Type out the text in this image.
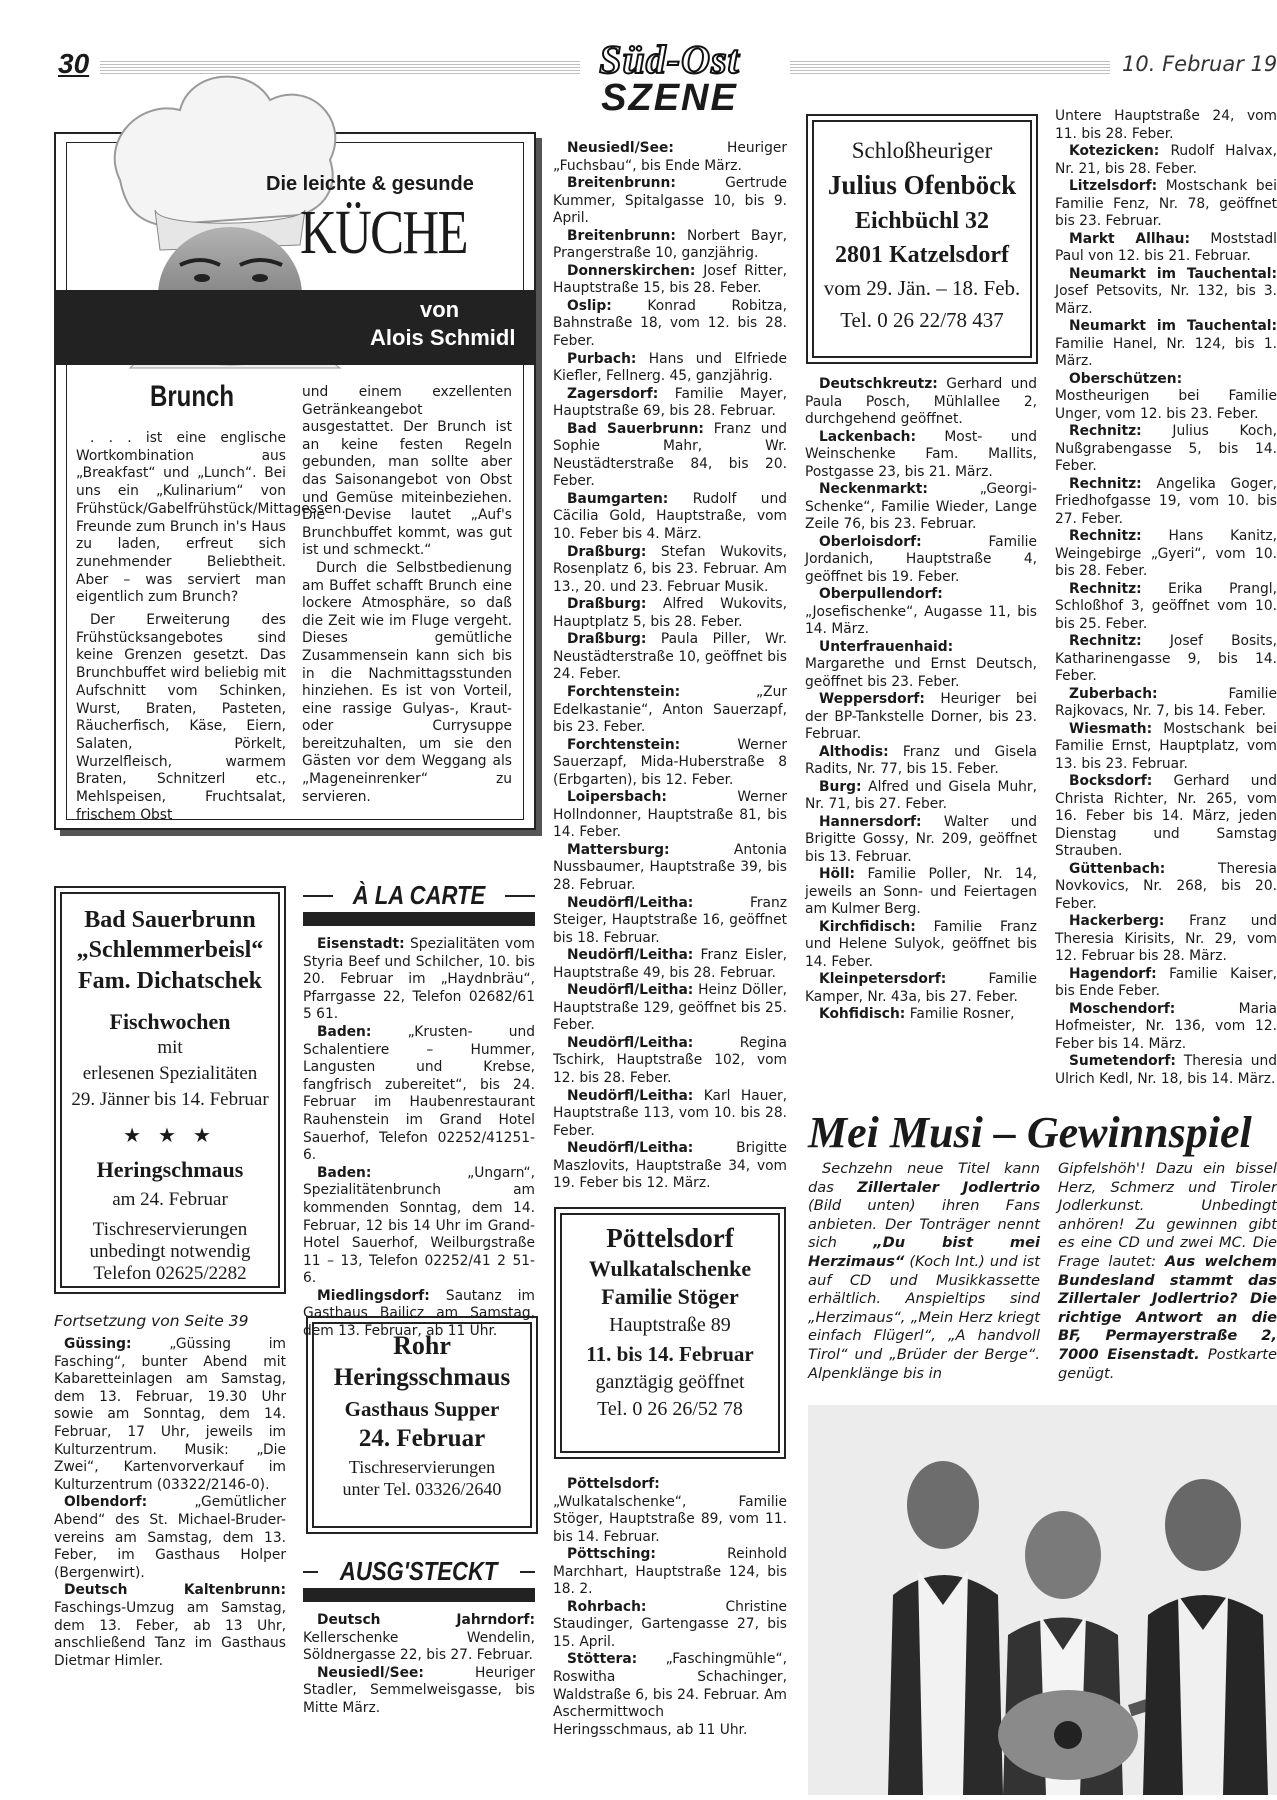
30	Süd-Ost
SZENE
10. Februar 19
Die leichte & gesunde
KÜCHE
von
Alois Schmidl
Brunch

. . . ist eine englische Wortkombination aus „Breakfast“ und „Lunch“. Bei uns ein „Kulinarium“ von Frühstück/Gabelfrühstück/Mittagessen. Freunde zum Brunch in's Haus zu laden, erfreut sich zunehmender Beliebtheit. Aber – was serviert man eigentlich zum Brunch?

Der Erweiterung des Frühstücksangebotes sind keine Grenzen gesetzt. Das Brunchbuffet wird beliebig mit Aufschnitt vom Schinken, Wurst, Braten, Pasteten, Räucherfisch, Käse, Eiern, Salaten, Pörkelt, Wurzelfleisch, warmem Braten, Schnitzerl etc., Mehlspeisen, Fruchtsalat, frischem Obst

und einem exzellenten Getränkeangebot ausgestattet. Der Brunch ist an keine festen Regeln gebunden, man sollte aber das Saisonangebot von Obst und Gemüse miteinbeziehen. Die Devise lautet „Auf's Brunchbuffet kommt, was gut ist und schmeckt.“

Durch die Selbstbedienung am Buffet schafft Brunch eine lockere Atmosphäre, so daß die Zeit wie im Fluge vergeht. Dieses gemütliche Zusammensein kann sich bis in die Nachmittagsstunden hinziehen. Es ist von Vorteil, eine rassige Gulyas-, Kraut- oder Currysuppe bereitzuhalten, um sie den Gästen vor dem Weggang als „Mageneinrenker“ zu servieren.

Bad Sauerbrunn
„Schlemmerbeisl“
Fam. Dichatschek
Fischwochen
mit
erlesenen Spezialitäten
29. Jänner bis 14. Februar
★ ★ ★
Heringschmaus
am 24. Februar
Tischreservierungen
unbedingt notwendig
Telefon 02625/2282
Fortsetzung von Seite 39

Güssing: „Güssing im Fasching“, bunter Abend mit Kabaretteinlagen am Samstag, dem 13. Februar, 19.30 Uhr sowie am Sonntag, dem 14. Februar, 17 Uhr, jeweils im Kulturzentrum. Musik: „Die Zwei“, Kartenvorverkauf im Kulturzentrum (03322/2146-0).

Olbendorf: „Gemütlicher Abend“ des St. Michael-Bruder-vereins am Samstag, dem 13. Feber, im Gasthaus Holper (Bergenwirt).

Deutsch Kaltenbrunn: Faschings-Umzug am Samstag, dem 13. Feber, ab 13 Uhr, anschließend Tanz im Gasthaus Dietmar Himler.

À LA CARTE

Eisenstadt: Spezialitäten vom Styria Beef und Schilcher, 10. bis 20. Februar im „Haydnbräu“, Pfarrgasse 22, Telefon 02682/61 5 61.

Baden: „Krusten- und Schalentiere – Hummer, Langusten und Krebse, fangfrisch zubereitet“, bis 24. Februar im Haubenrestaurant Rauhenstein im Grand Hotel Sauerhof, Telefon 02252/41251-6.

Baden: „Ungarn“, Spezialitätenbrunch am kommenden Sonntag, dem 14. Februar, 12 bis 14 Uhr im Grand-Hotel Sauerhof, Weilburgstraße 11 – 13, Telefon 02252/41 2 51-6.

Miedlingsdorf: Sautanz im Gasthaus Bailicz am Samstag, dem 13. Februar, ab 11 Uhr.

Rohr
Heringsschmaus
Gasthaus Supper
24. Februar
Tischreservierungen
unter Tel. 03326/2640
AUSG'STECKT

Deutsch Jahrndorf: Kellerschenke Wendelin, Söldnergasse 22, bis 27. Februar.

Neusiedl/See: Heuriger Stadler, Semmelweisgasse, bis Mitte März.

Neusiedl/See: Heuriger „Fuchsbau“, bis Ende März.

Breitenbrunn: Gertrude Kummer, Spitalgasse 10, bis 9. April.

Breitenbrunn: Norbert Bayr, Prangerstraße 10, ganzjährig.

Donnerskirchen: Josef Ritter, Hauptstraße 15, bis 28. Feber.

Oslip: Konrad Robitza, Bahnstraße 18, vom 12. bis 28. Feber.

Purbach: Hans und Elfriede Kiefler, Fellnerg. 45, ganzjährig.

Zagersdorf: Familie Mayer, Hauptstraße 69, bis 28. Februar.

Bad Sauerbrunn: Franz und Sophie Mahr, Wr. Neustädterstraße 84, bis 20. Feber.

Baumgarten: Rudolf und Cäcilia Gold, Hauptstraße, vom 10. Feber bis 4. März.

Draßburg: Stefan Wukovits, Rosenplatz 6, bis 23. Februar. Am 13., 20. und 23. Februar Musik.

Draßburg: Alfred Wukovits, Hauptplatz 5, bis 28. Feber.

Draßburg: Paula Piller, Wr. Neustädterstraße 10, geöffnet bis 24. Feber.

Forchtenstein: „Zur Edelkastanie“, Anton Sauerzapf, bis 23. Feber.

Forchtenstein: Werner Sauerzapf, Mida-Huberstraße 8 (Erbgarten), bis 12. Feber.

Loipersbach: Werner Hollndonner, Hauptstraße 81, bis 14. Feber.

Mattersburg: Antonia Nussbaumer, Hauptstraße 39, bis 28. Februar.

Neudörfl/Leitha: Franz Steiger, Hauptstraße 16, geöffnet bis 18. Februar.

Neudörfl/Leitha: Franz Eisler, Hauptstraße 49, bis 28. Februar.

Neudörfl/Leitha: Heinz Döller, Hauptstraße 129, geöffnet bis 25. Feber.

Neudörfl/Leitha: Regina Tschirk, Hauptstraße 102, vom 12. bis 28. Feber.

Neudörfl/Leitha: Karl Hauer, Hauptstraße 113, vom 10. bis 28. Feber.

Neudörfl/Leitha: Brigitte Maszlovits, Hauptstraße 34, vom 19. Feber bis 12. März.

Pöttelsdorf
Wulkatalschenke
Familie Stöger
Hauptstraße 89
11. bis 14. Februar
ganztägig geöffnet
Tel. 0 26 26/52 78

Pöttelsdorf: „Wulkatalschenke“, Familie Stöger, Hauptstraße 89, vom 11. bis 14. Februar.

Pöttsching: Reinhold Marchhart, Hauptstraße 124, bis 18. 2.

Rohrbach: Christine Staudinger, Gartengasse 27, bis 15. April.

Stöttera: „Faschingmühle“, Roswitha Schachinger, Waldstraße 6, bis 24. Februar. Am Aschermittwoch Heringsschmaus, ab 11 Uhr.

Schloßheuriger
Julius Ofenböck
Eichbüchl 32
2801 Katzelsdorf
vom 29. Jän. – 18. Feb.
Tel. 0 26 22/78 437

Deutschkreutz: Gerhard und Paula Posch, Mühlallee 2, durchgehend geöffnet.

Lackenbach: Most- und Weinschenke Fam. Mallits, Postgasse 23, bis 21. März.

Neckenmarkt: „Georgi-Schenke“, Familie Wieder, Lange Zeile 76, bis 23. Februar.

Oberloisdorf: Familie Jordanich, Hauptstraße 4, geöffnet bis 19. Feber.

Oberpullendorf: „Josefischenke“, Augasse 11, bis 14. März.

Unterfrauenhaid: Margarethe und Ernst Deutsch, geöffnet bis 23. Feber.

Weppersdorf: Heuriger bei der BP-Tankstelle Dorner, bis 23. Februar.

Althodis: Franz und Gisela Radits, Nr. 77, bis 15. Feber.

Burg: Alfred und Gisela Muhr, Nr. 71, bis 27. Feber.

Hannersdorf: Walter und Brigitte Gossy, Nr. 209, geöffnet bis 13. Februar.

Höll: Familie Poller, Nr. 14, jeweils an Sonn- und Feiertagen am Kulmer Berg.

Kirchfidisch: Familie Franz und Helene Sulyok, geöffnet bis 14. Feber.

Kleinpetersdorf: Familie Kamper, Nr. 43a, bis 27. Feber.

Kohfidisch: Familie Rosner,

Untere Hauptstraße 24, vom 11. bis 28. Feber.

Kotezicken: Rudolf Halvax, Nr. 21, bis 28. Feber.

Litzelsdorf: Mostschank bei Familie Fenz, Nr. 78, geöffnet bis 23. Februar.

Markt Allhau: Moststadl Paul von 12. bis 21. Februar.

Neumarkt im Tauchental: Josef Petsovits, Nr. 132, bis 3. März.

Neumarkt im Tauchental: Familie Hanel, Nr. 124, bis 1. März.

Oberschützen: Mostheurigen bei Familie Unger, vom 12. bis 23. Feber.

Rechnitz: Julius Koch, Nußgrabengasse 5, bis 14. Feber.

Rechnitz: Angelika Goger, Friedhofgasse 19, vom 10. bis 27. Feber.

Rechnitz: Hans Kanitz, Weingebirge „Gyeri“, vom 10. bis 28. Feber.

Rechnitz: Erika Prangl, Schloßhof 3, geöffnet vom 10. bis 25. Feber.

Rechnitz: Josef Bosits, Katharinengasse 9, bis 14. Feber.

Zuberbach: Familie Rajkovacs, Nr. 7, bis 14. Feber.

Wiesmath: Mostschank bei Familie Ernst, Hauptplatz, vom 13. bis 23. Februar.

Bocksdorf: Gerhard und Christa Richter, Nr. 265, vom 16. Feber bis 14. März, jeden Dienstag und Samstag Strauben.

Güttenbach: Theresia Novkovics, Nr. 268, bis 20. Feber.

Hackerberg: Franz und Theresia Kirisits, Nr. 29, vom 12. Februar bis 28. März.

Hagendorf: Familie Kaiser, bis Ende Feber.

Moschendorf: Maria Hofmeister, Nr. 136, vom 12. Feber bis 14. März.

Sumetendorf: Theresia und Ulrich Kedl, Nr. 18, bis 14. März.

Mei Musi – Gewinnspiel

Sechzehn neue Titel kann das Zillertaler Jodlertrio (Bild unten) ihren Fans anbieten. Der Tonträger nennt sich „Du bist mei Herzimaus“ (Koch Int.) und ist auf CD und Musikkassette erhältlich. Anspieltips sind „Herzimaus“, „Mein Herz kriegt einfach Flügerl“, „A handvoll Tirol“ und „Brüder der Berge“. Alpenklänge bis in

Gipfelshöh'! Dazu ein bissel Herz, Schmerz und Tiroler Jodlerkunst. Unbedingt anhören! Zu gewinnen gibt es eine CD und zwei MC. Die Frage lautet: Aus welchem Bundesland stammt das Zillertaler Jodlertrio? Die richtige Antwort an die BF, Permayerstraße 2, 7000 Eisenstadt. Postkarte genügt.
